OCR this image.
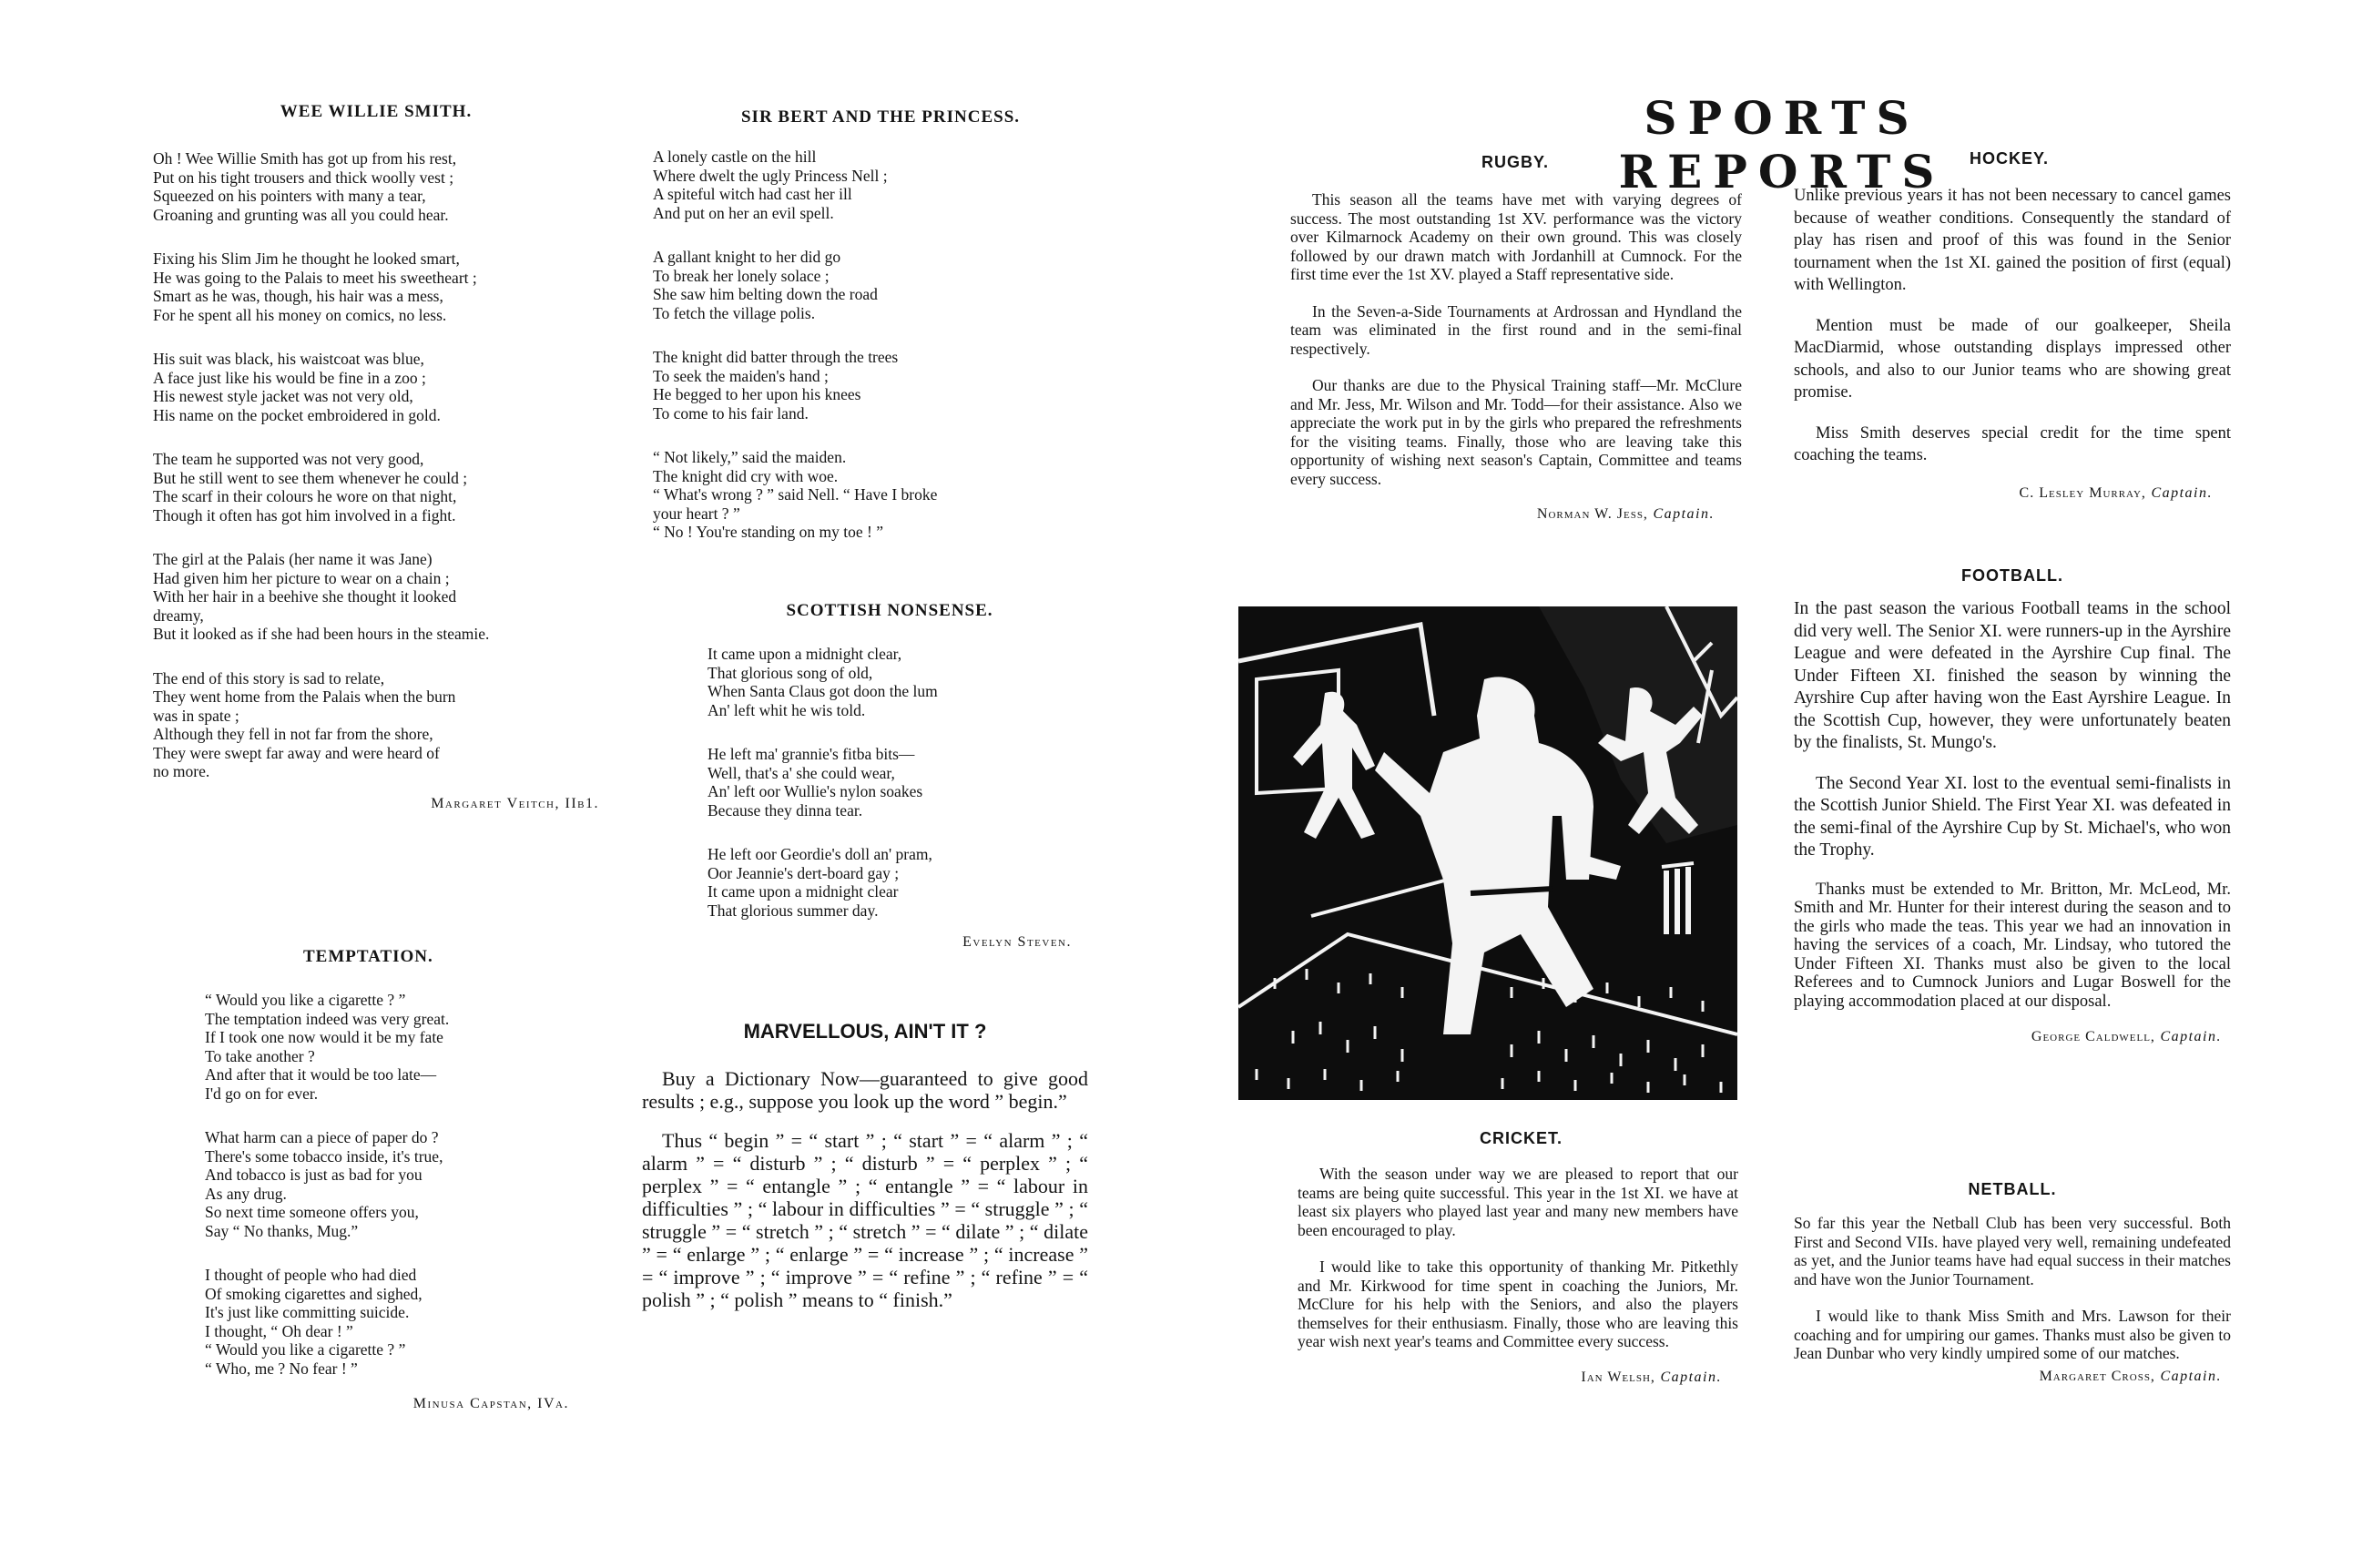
WEE WILLIE SMITH.

Oh ! Wee Willie Smith has got up from his rest,
Put on his tight trousers and thick woolly vest ;
Squeezed on his pointers with many a tear,
Groaning and grunting was all you could hear.

Fixing his Slim Jim he thought he looked smart,
He was going to the Palais to meet his sweetheart ;
Smart as he was, though, his hair was a mess,
For he spent all his money on comics, no less.

His suit was black, his waistcoat was blue,
A face just like his would be fine in a zoo ;
His newest style jacket was not very old,
His name on the pocket embroidered in gold.

The team he supported was not very good,
But he still went to see them whenever he could ;
The scarf in their colours he wore on that night,
Though it often has got him involved in a fight.

The girl at the Palais (her name it was Jane)
Had given him her picture to wear on a chain ;
With her hair in a beehive she thought it looked
dreamy,
But it looked as if she had been hours in the steamie.

The end of this story is sad to relate,
They went home from the Palais when the burn
was in spate ;
Although they fell in not far from the shore,
They were swept far away and were heard of
no more.

Margaret Veitch, IIb1.

TEMPTATION.

“ Would you like a cigarette ? ”
The temptation indeed was very great.
If I took one now would it be my fate
To take another ?
And after that it would be too late—
I'd go on for ever.

What harm can a piece of paper do ?
There's some tobacco inside, it's true,
And tobacco is just as bad for you
As any drug.
So next time someone offers you,
Say “ No thanks, Mug.”

I thought of people who had died
Of smoking cigarettes and sighed,
It's just like committing suicide.
I thought, “ Oh dear ! ”
“ Would you like a cigarette ? ”
“ Who, me ? No fear ! ”

Minusa Capstan, IVa.

SIR BERT AND THE PRINCESS.

A lonely castle on the hill
Where dwelt the ugly Princess Nell ;
A spiteful witch had cast her ill
And put on her an evil spell.

A gallant knight to her did go
To break her lonely solace ;
She saw him belting down the road
To fetch the village polis.

The knight did batter through the trees
To seek the maiden's hand ;
He begged to her upon his knees
To come to his fair land.

“ Not likely,” said the maiden.
The knight did cry with woe.
“ What's wrong ? ” said Nell. “ Have I broke
your heart ? ”
“ No ! You're standing on my toe ! ”

SCOTTISH NONSENSE.

It came upon a midnight clear,
That glorious song of old,
When Santa Claus got doon the lum
An' left whit he wis told.

He left ma' grannie's fitba bits—
Well, that's a' she could wear,
An' left oor Wullie's nylon soakes
Because they dinna tear.

He left oor Geordie's doll an' pram,
Oor Jeannie's dert-board gay ;
It came upon a midnight clear
That glorious summer day.

Evelyn Steven.

MARVELLOUS, AIN'T IT ?

Buy a Dictionary Now—guaranteed to give good results ; e.g., suppose you look up the word ” begin.”

Thus “ begin ” = “ start ” ; “ start ” = “ alarm ” ; “ alarm ” = “ disturb ” ; “ disturb ” = “ perplex ” ; “ perplex ” = “ entangle ” ; “ entangle ” = “ labour in difficulties ” ; “ labour in difficulties ” = “ struggle ” ; “ struggle ” = “ stretch ” ; “ stretch ” = “ dilate ” ; “ dilate ” = “ enlarge ” ; “ enlarge ” = “ increase ” ; “ increase ” = “ improve ” ; “ improve ” = “ refine ” ; “ refine ” = “ polish ” ; “ polish ” means to “ finish.”

SPORTS REPORTS
RUGBY.

This season all the teams have met with varying degrees of success. The most outstanding 1st XV. performance was the victory over Kilmarnock Academy on their own ground. This was closely followed by our drawn match with Jordanhill at Cumnock. For the first time ever the 1st XV. played a Staff representative side.

In the Seven-a-Side Tournaments at Ardrossan and Hyndland the team was eliminated in the first round and in the semi-final respectively.

Our thanks are due to the Physical Training staff—Mr. McClure and Mr. Jess, Mr. Wilson and Mr. Todd—for their assistance. Also we appreciate the work put in by the girls who prepared the refreshments for the visiting teams. Finally, those who are leaving take this opportunity of wishing next season's Captain, Committee and teams every success.

Norman W. Jess, Captain.

CRICKET.

With the season under way we are pleased to report that our teams are being quite successful. This year in the 1st XI. we have at least six players who played last year and many new members have been encouraged to play.

I would like to take this opportunity of thanking Mr. Pitkethly and Mr. Kirkwood for time spent in coaching the Juniors, Mr. McClure for his help with the Seniors, and also the players themselves for their enthusiasm. Finally, those who are leaving this year wish next year's teams and Committee every success.

Ian Welsh, Captain.

HOCKEY.

Unlike previous years it has not been necessary to cancel games because of weather conditions. Consequently the standard of play has risen and proof of this was found in the Senior tournament when the 1st XI. gained the position of first (equal) with Wellington.

Mention must be made of our goalkeeper, Sheila MacDiarmid, whose outstanding displays impressed other schools, and also to our Junior teams who are showing great promise.

Miss Smith deserves special credit for the time spent coaching the teams.

C. Lesley Murray, Captain.

FOOTBALL.

In the past season the various Football teams in the school did very well. The Senior XI. were runners-up in the Ayrshire League and were defeated in the Ayrshire Cup final. The Under Fifteen XI. finished the season by winning the Ayrshire Cup after having won the East Ayrshire League. In the Scottish Cup, however, they were unfortunately beaten by the finalists, St. Mungo's.

The Second Year XI. lost to the eventual semi-finalists in the Scottish Junior Shield. The First Year XI. was defeated in the semi-final of the Ayrshire Cup by St. Michael's, who won the Trophy.

Thanks must be extended to Mr. Britton, Mr. McLeod, Mr. Smith and Mr. Hunter for their interest during the season and to the girls who made the teas. This year we had an innovation in having the services of a coach, Mr. Lindsay, who tutored the Under Fifteen XI. Thanks must also be given to the local Referees and to Cumnock Juniors and Lugar Boswell for the playing accommodation placed at our disposal.

George Caldwell, Captain.

NETBALL.

So far this year the Netball Club has been very successful. Both First and Second VIIs. have played very well, remaining undefeated as yet, and the Junior teams have had equal success in their matches and have won the Junior Tournament.

I would like to thank Miss Smith and Mrs. Lawson for their coaching and for umpiring our games. Thanks must also be given to Jean Dunbar who very kindly umpired some of our matches.

Margaret Cross, Captain.
